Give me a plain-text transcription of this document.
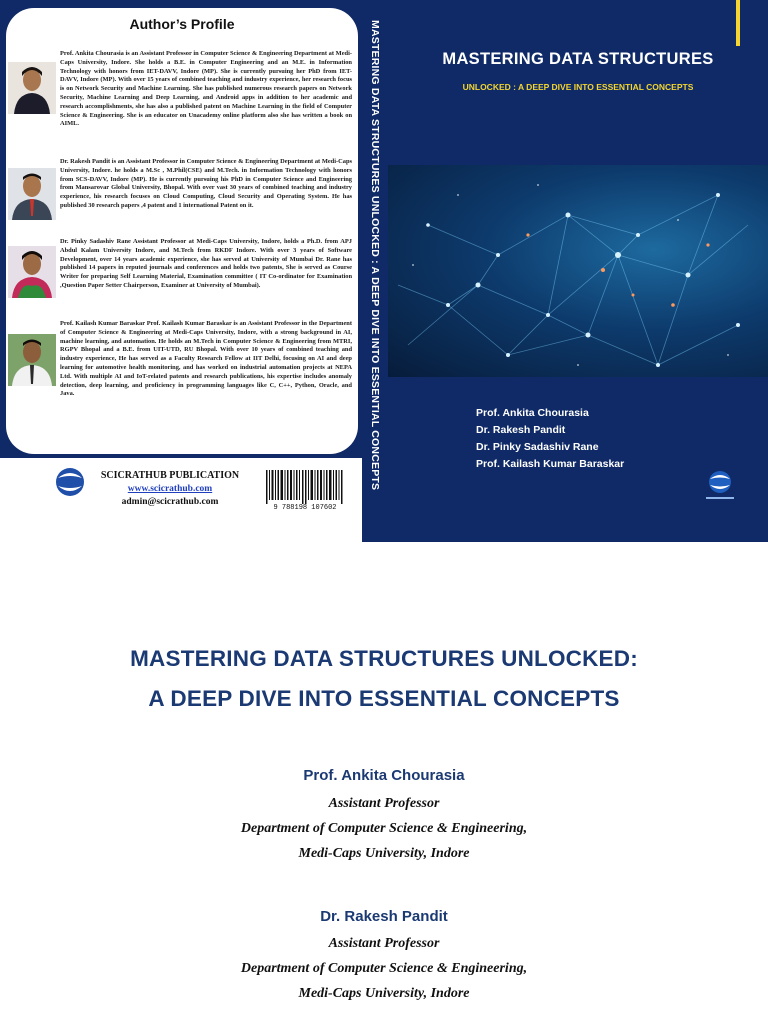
Author’s Profile

Prof. Ankita Chourasia is an Assistant Professor in Computer Science & Engineering Department at Medi-Caps University, Indore. She holds a B.E. in Computer Engineering and an M.E. in Information Technology with honors from IET-DAVV, Indore (MP). She is currently pursuing her PhD from IET-DAVV, Indore (MP). With over 15 years of combined teaching and industry experience, her research focus is on Network Security and Machine Learning. She has published numerous research papers on Network Security, Machine Learning and Deep Learning, and Android apps in addition to her academic and research accomplishments, she has also a published patent on Machine Learning in the field of Computer Science & Engineering. She is an educator on Unacademy online platform also she has written a book on AIML.

Dr. Rakesh Pandit is an Assistant Professor in Computer Science & Engineering Department at Medi-Caps University, Indore. he holds a M.Sc , M.Phil(CSE) and M.Tech. in Information Technology with honors from SCS-DAVV, Indore (MP). He is currently pursuing his PhD in Computer Science and Engineering from Mansarovar Global University, Bhopal. With over vast 30 years of combined teaching and industry experience, his research focuses on Cloud Computing, Cloud Security and Operating System. He has published 30 research papers ,4 patent and 1 international Patent on it.

Dr. Pinky Sadashiv Rane Assistant Professor at Medi-Caps University, Indore, holds a Ph.D. from APJ Abdul Kalam University Indore, and M.Tech from RKDF Indore. With over 3 years of Software Development, over 14 years academic experience, she has served at University of Mumbai Dr. Rane has published 14 papers in reputed journals and conferences and holds two patents, She is served as Course Writer for preparing Self Learning Material, Examination committee ( IT Co-ordinator for Examination ,Question Paper Setter Chairperson, Examiner at University of Mumbai).

Prof. Kailash Kumar Baraskar Prof. Kailash Kumar Baraskar is an Assistant Professor in the Department of Computer Science & Engineering at Medi-Caps University, Indore, with a strong background in AI, machine learning, and automation. He holds an M.Tech in Computer Science & Engineering from MTRI, RGPV Bhopal and a B.E. from UIT-UTD, RU Bhopal. With over 10 years of combined teaching and industry experience, He has served as a Faculty Research Fellow at IIT Delhi, focusing on AI and deep learning for automotive health monitoring, and has worked on industrial automation projects at NEPA Ltd. With multiple AI and IoT-related patents and research publications, his expertise includes anomaly detection, deep learning, and proficiency in programming languages like C, C++, Python, Oracle, and Java.

SCICRATHUB PUBLICATION
www.scicrathub.com
admin@scicrathub.com
9 788198 107602
MASTERING DATA STRUCTURES UNLOCKED : A DEEP DIVE INTO ESSENTIAL CONCEPTS	MASTERING DATA STRUCTURES
UNLOCKED : A DEEP DIVE INTO ESSENTIAL CONCEPTS
Prof. Ankita Chourasia
Dr. Rakesh Pandit
Dr. Pinky Sadashiv Rane
Prof. Kailash Kumar Baraskar
MASTERING DATA STRUCTURES UNLOCKED:
A DEEP DIVE INTO ESSENTIAL CONCEPTS
Prof. Ankita Chourasia
Assistant Professor
Department of Computer Science & Engineering,
Medi-Caps University, Indore
Dr. Rakesh Pandit
Assistant Professor
Department of Computer Science & Engineering,
Medi-Caps University, Indore
